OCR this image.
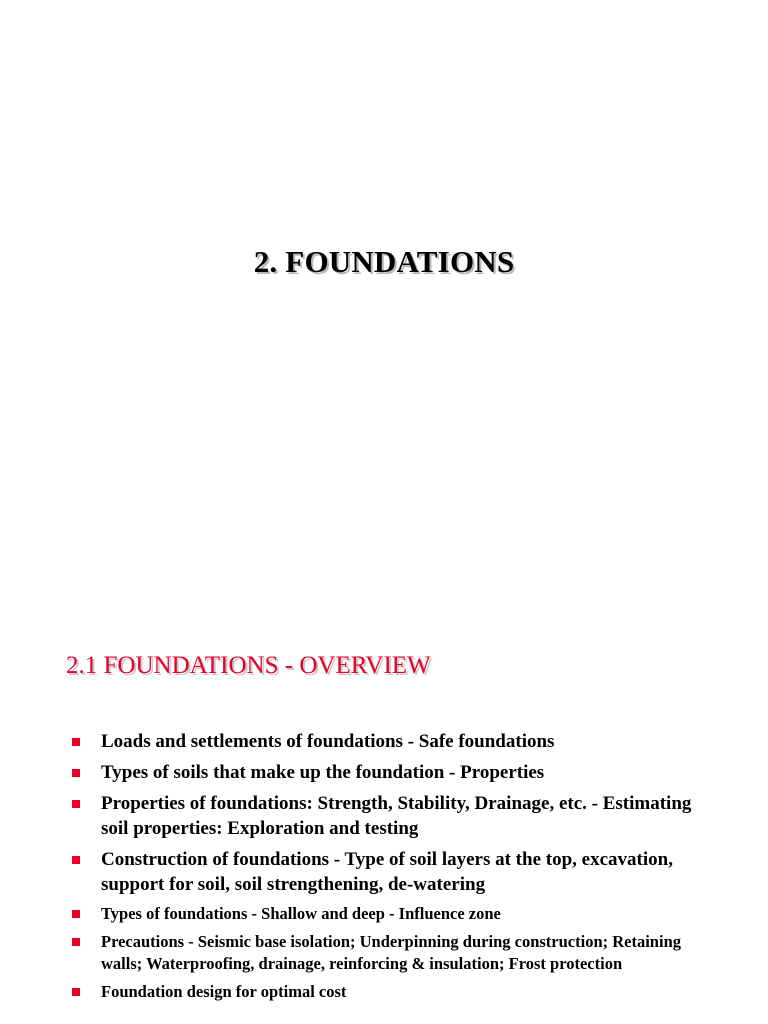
2. FOUNDATIONS
2.1 FOUNDATIONS - OVERVIEW
Loads and settlements of foundations - Safe foundations
Types of soils that make up the foundation - Properties
Properties of foundations: Strength, Stability, Drainage, etc. - Estimating soil properties: Exploration and testing
Construction of foundations - Type of soil layers at the top, excavation, support for soil, soil strengthening, de-watering
Types of foundations - Shallow and deep - Influence zone
Precautions - Seismic base isolation; Underpinning during construction; Retaining walls; Waterproofing, drainage, reinforcing & insulation; Frost protection
Foundation design for optimal cost
